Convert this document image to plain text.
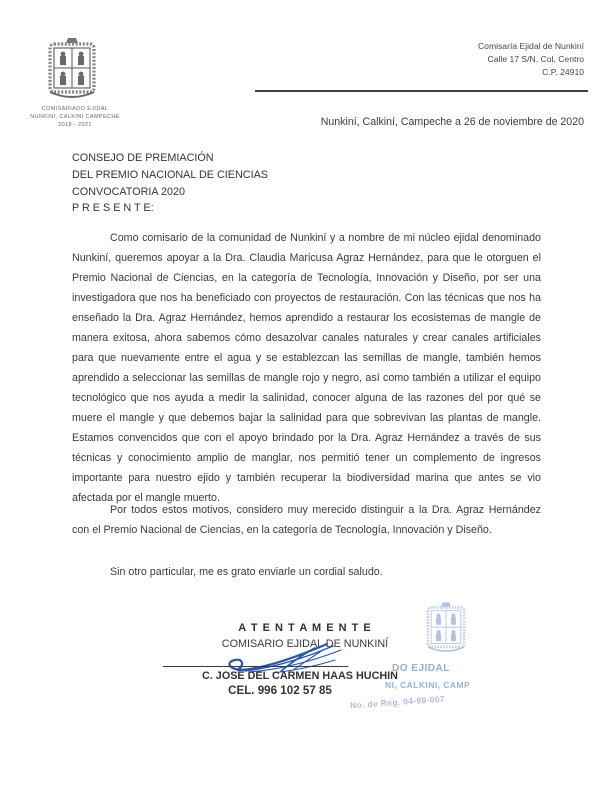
COMISARIADO EJIDAL
NUNKINÍ, CALKINÍ CAMPECHE
2018 - 2021
Comisaría Ejidal de Nunkiní
Calle 17 S/N, Col. Centro
C.P. 24910
Nunkiní, Calkiní, Campeche a 26 de noviembre de 2020
CONSEJO DE PREMIACIÓN
DEL PREMIO NACIONAL DE CIENCIAS
CONVOCATORIA 2020
P R E S E N T E:
Como comisario de la comunidad de Nunkiní y a nombre de mi núcleo ejidal denominado Nunkiní, queremos apoyar a la Dra. Claudia Maricusa Agraz Hernández, para que le otorguen el Premio Nacional de Ciencias, en la categoría de Tecnología, Innovación y Diseño, por ser una investigadora que nos ha beneficiado con proyectos de restauración. Con las técnicas que nos ha enseñado la Dra. Agraz Hernández, hemos aprendido a restaurar los ecosistemas de mangle de manera exitosa, ahora sabemos cómo desazolvar canales naturales y crear canales artificiales para que nuevamente entre el agua y se establezcan las semillas de mangle, también hemos aprendido a seleccionar las semillas de mangle rojo y negro, así como también a utilizar el equipo tecnológico que nos ayuda a medir la salinidad, conocer alguna de las razones del por qué se muere el mangle y que debemos bajar la salinidad para que sobrevivan las plantas de mangle. Estamos convencidos que con el apoyo brindado por la Dra. Agraz Hernández a través de sus técnicas y conocimiento amplio de manglar, nos permitió tener un complemento de ingresos importante para nuestro ejido y también recuperar la biodiversidad marina que antes se vio afectada por el mangle muerto.
Por todos estos motivos, considero muy merecido distinguir a la Dra. Agraz Hernández con el Premio Nacional de Ciencias, en la categoría de Tecnología, Innovación y Diseño.
Sin otro particular, me es grato enviarle un cordial saludo.
A T E N T A M E N T E
COMISARIO EJIDAL DE NUNKINÍ
C. JOSE DEL CARMEN HAAS HUCHIN
CEL. 996 102 57 85
DO EJIDAL
NI, CALKINI, CAMP
No. de Reg. 04-99-007
